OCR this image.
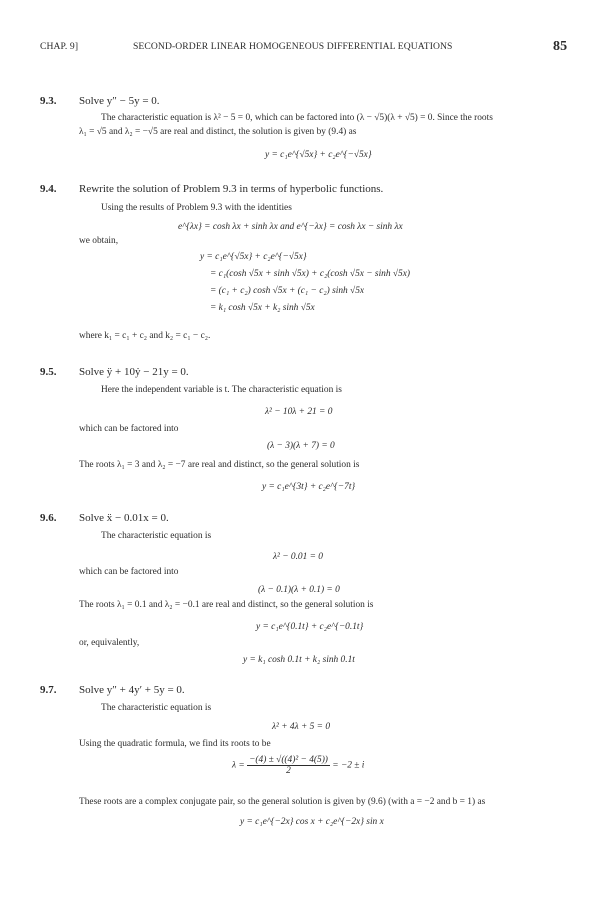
CHAP. 9]	SECOND-ORDER LINEAR HOMOGENEOUS DIFFERENTIAL EQUATIONS	85
9.3. Solve y″ − 5y = 0.
The characteristic equation is λ² − 5 = 0, which can be factored into (λ − √5)(λ + √5) = 0. Since the roots
λ₁ = √5 and λ₂ = −√5 are real and distinct, the solution is given by (9.4) as
y = c₁e^{√5x} + c₂e^{−√5x}
9.4. Rewrite the solution of Problem 9.3 in terms of hyperbolic functions.
Using the results of Problem 9.3 with the identities
e^{λx} = cosh λx + sinh λx and e^{−λx} = cosh λx − sinh λx
we obtain,
y = c₁e^{√5x} + c₂e^{−√5x}
= c₁(cosh √5x + sinh √5x) + c₂(cosh √5x − sinh √5x)
= (c₁ + c₂) cosh √5x + (c₁ − c₂) sinh √5x
= k₁ cosh √5x + k₂ sinh √5x
where k₁ = c₁ + c₂ and k₂ = c₁ − c₂.
9.5. Solve ÿ + 10ẏ − 21y = 0.
Here the independent variable is t. The characteristic equation is
λ² − 10λ + 21 = 0
which can be factored into
(λ − 3)(λ + 7) = 0
The roots λ₁ = 3 and λ₂ = −7 are real and distinct, so the general solution is
y = c₁e^{3t} + c₂e^{−7t}
9.6. Solve ẍ − 0.01x = 0.
The characteristic equation is
λ² − 0.01 = 0
which can be factored into
(λ − 0.1)(λ + 0.1) = 0
The roots λ₁ = 0.1 and λ₂ = −0.1 are real and distinct, so the general solution is
y = c₁e^{0.1t} + c₂e^{−0.1t}
or, equivalently,
y = k₁ cosh 0.1t + k₂ sinh 0.1t
9.7. Solve y″ + 4y′ + 5y = 0.
The characteristic equation is
λ² + 4λ + 5 = 0
Using the quadratic formula, we find its roots to be
$\lambda = \frac{\text{−(4) ± √((4)² − 4(5))}}{2} = -2 \pm i$
These roots are a complex conjugate pair, so the general solution is given by (9.6) (with a = −2 and b = 1) as
y = c₁e^{−2x} cos x + c₂e^{−2x} sin x
